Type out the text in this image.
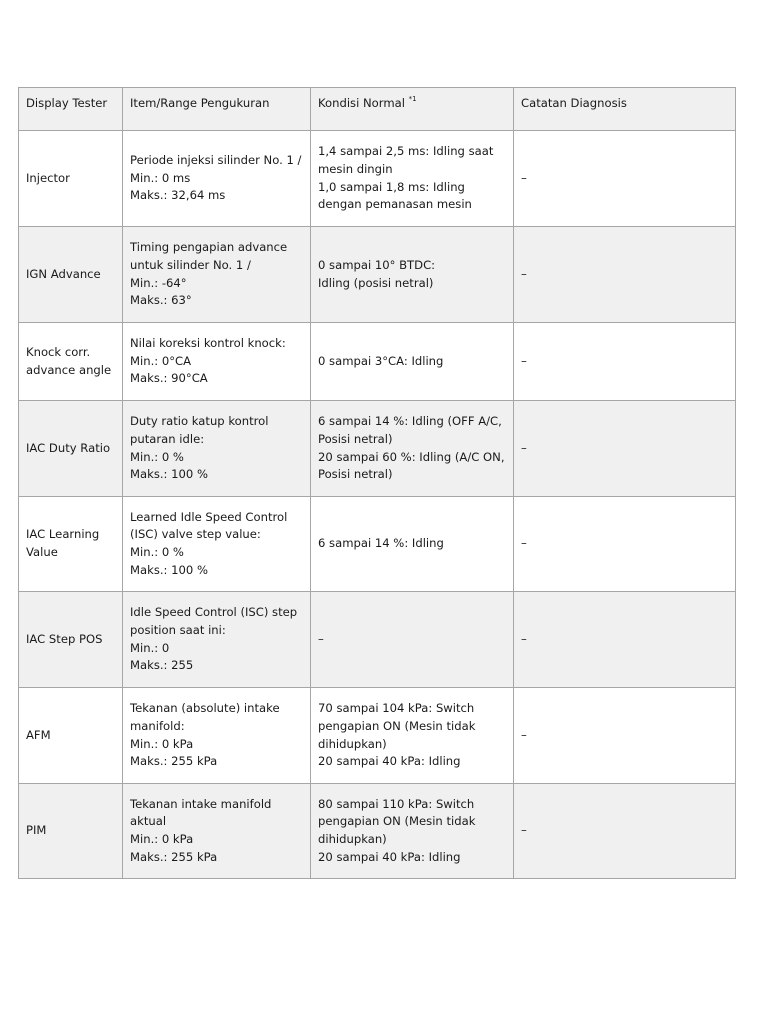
Display Tester	Item/Range Pengukuran	Kondisi Normal $^{*1}$	Catatan Diagnosis

Injector	Periode injeksi silinder No. 1 /
Min.: 0 ms
Maks.: 32,64 ms	1,4 sampai 2,5 ms: Idling saat
mesin dingin
1,0 sampai 1,8 ms: Idling
dengan pemanasan mesin	–

IGN Advance	Timing pengapian advance
untuk silinder No. 1 /
Min.: -64°
Maks.: 63°	0 sampai 10° BTDC:
Idling (posisi netral)	–

Knock corr.
advance angle	Nilai koreksi kontrol knock:
Min.: 0°CA
Maks.: 90°CA	0 sampai 3°CA: Idling	–

IAC Duty Ratio	Duty ratio katup kontrol
putaran idle:
Min.: 0 %
Maks.: 100 %	6 sampai 14 %: Idling (OFF A/C,
Posisi netral)
20 sampai 60 %: Idling (A/C ON,
Posisi netral)	–

IAC Learning
Value	Learned Idle Speed Control
(ISC) valve step value:
Min.: 0 %
Maks.: 100 %	6 sampai 14 %: Idling	–

IAC Step POS	Idle Speed Control (ISC) step
position saat ini:
Min.: 0
Maks.: 255	–	–

AFM	Tekanan (absolute) intake
manifold:
Min.: 0 kPa
Maks.: 255 kPa	70 sampai 104 kPa: Switch
pengapian ON (Mesin tidak
dihidupkan)
20 sampai 40 kPa: Idling	–

PIM	Tekanan intake manifold
aktual
Min.: 0 kPa
Maks.: 255 kPa	80 sampai 110 kPa: Switch
pengapian ON (Mesin tidak
dihidupkan)
20 sampai 40 kPa: Idling	–
